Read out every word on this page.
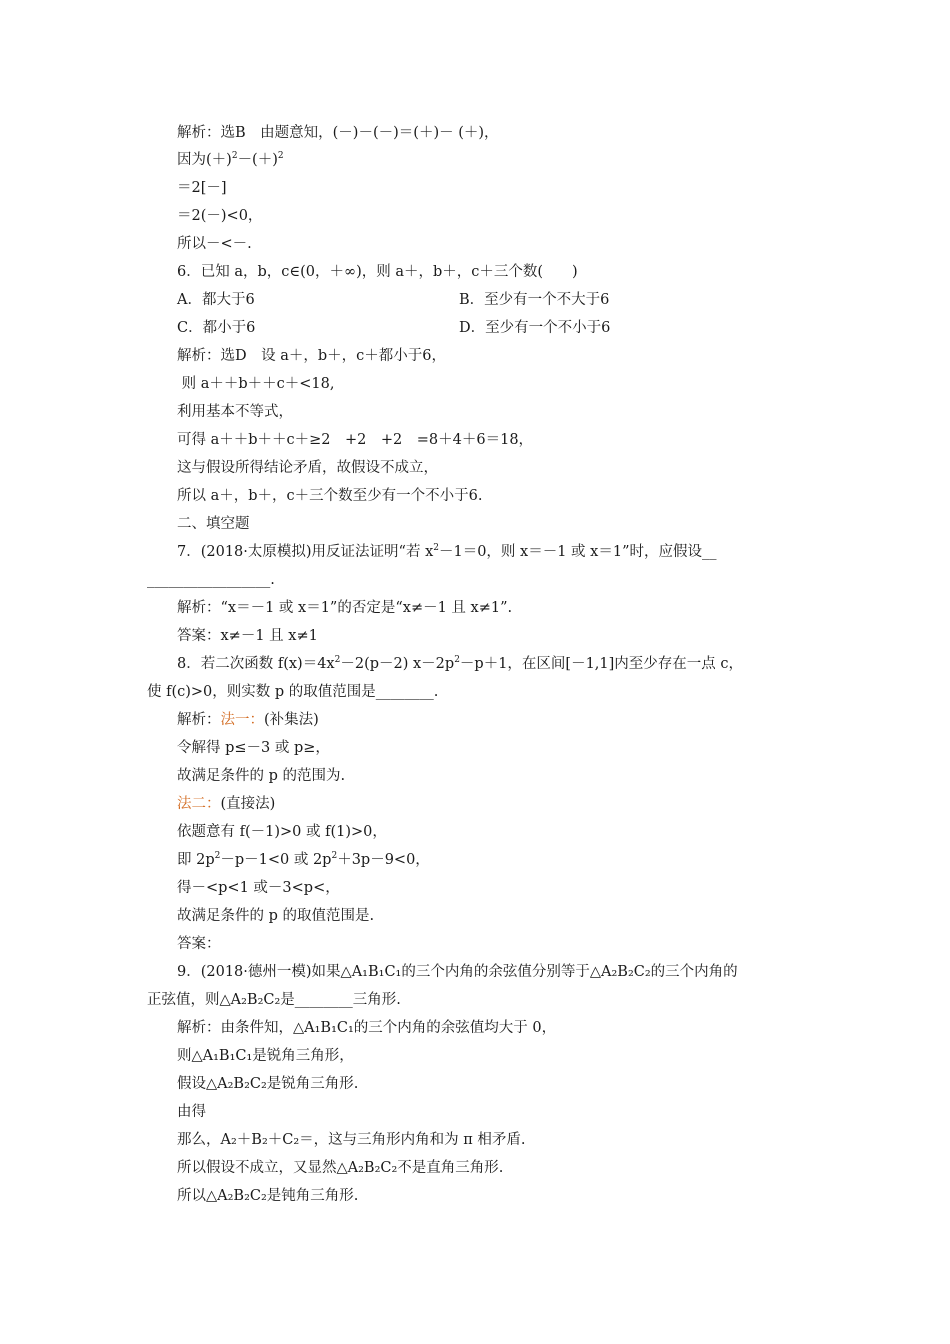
解析：选B　由题意知，(－)－(－)＝(＋)－ (＋)，
因为$(+)^2-(+)^2$
＝2[－]
＝2(－)<0，
所以－<－.
6．已知 a，b，c∈(0，＋∞)，则 a＋，b＋，c＋三个数(　　)
A．都大于6	B．至少有一个不大于6
C．都小于6	D．至少有一个不小于6
解析：选D　设 a＋，b＋，c＋都小于6，
则 a＋＋b＋＋c＋<18,
利用基本不等式，
可得 a＋＋b＋＋c＋≥2　+2　+2　=8＋4＋6＝18，
这与假设所得结论矛盾，故假设不成立，
所以 a＋，b＋，c＋三个数至少有一个不小于6.
二、填空题
7．(2018·太原模拟)用反证法证明“若 $x^2-1=0$，则 x＝－1 或 x＝1”时，应假设__
_________________.
解析：“x＝－1 或 x＝1”的否定是“x≠－1 且 x≠1”.
答案：x≠－1 且 x≠1
8．若二次函数 $f(x)=4x^2-2(p-2)$ $x-2p^2-p+1$，在区间[－1,1]内至少存在一点 c，
使 f(c)>0，则实数 p 的取值范围是________.
解析：法一：(补集法)
令解得 p≤－3 或 p≥，
故满足条件的 p 的范围为.
法二：(直接法)
依题意有 f(－1)>0 或 f(1)>0，
即 $2p^2-p-1<0$ 或 $2p^2+3p-9<0$，
得－<p<1 或－3<p<，
故满足条件的 p 的取值范围是.
答案：
9．(2018·德州一模)如果△A₁B₁C₁的三个内角的余弦值分别等于△A₂B₂C₂的三个内角的
正弦值，则△A₂B₂C₂是________三角形.
解析：由条件知，△A₁B₁C₁的三个内角的余弦值均大于 0，
则△A₁B₁C₁是锐角三角形，
假设△A₂B₂C₂是锐角三角形.
由得
那么，A₂＋B₂＋C₂＝，这与三角形内角和为 π 相矛盾.
所以假设不成立，又显然△A₂B₂C₂不是直角三角形.
所以△A₂B₂C₂是钝角三角形.
